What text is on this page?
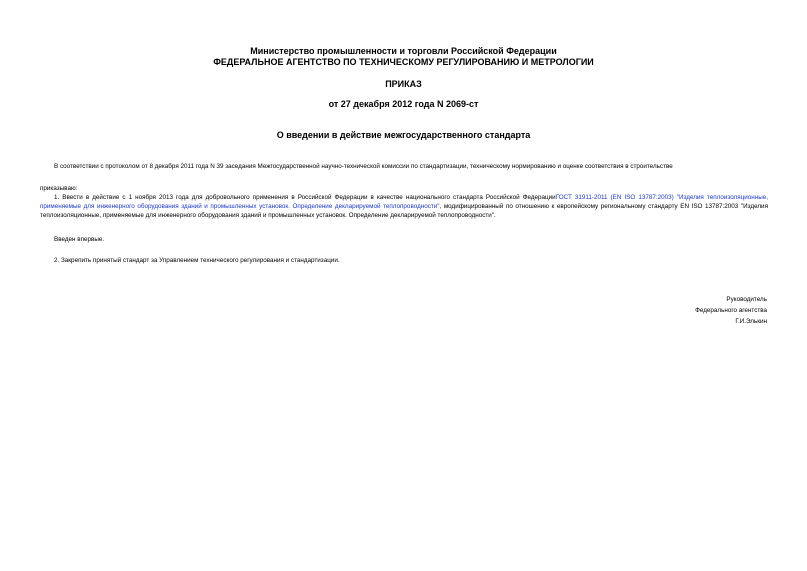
Министерство промышленности и торговли Российской Федерации
ФЕДЕРАЛЬНОЕ АГЕНТСТВО ПО ТЕХНИЧЕСКОМУ РЕГУЛИРОВАНИЮ И МЕТРОЛОГИИ
ПРИКАЗ
от 27 декабря 2012 года N 2069-ст
О введении в действие межгосударственного стандарта
В соответствии с протоколом от 8 декабря 2011 года N 39 заседания Межгосударственной научно-технической комиссии по стандартизации, техническому нормированию и оценке соответствия в строительстве
приказываю:
1. Ввести в действие с 1 ноября 2013 года для добровольного применения в Российской Федерации в качестве национального стандарта Российской ФедерацииГОСТ 31911-2011 (EN ISO 13787:2003) "Изделия теплоизоляционные, применяемые для инженерного оборудования зданий и промышленных установок. Определение декларируемой теплопроводности", модифицированный по отношению к европейскому региональному стандарту EN ISO 13787:2003 "Изделия теплоизоляционные, применяемые для инженерного оборудования зданий и промышленных установок. Определение декларируемой теплопроводности".
Введен впервые.
2. Закрепить принятый стандарт за Управлением технического регулирования и стандартизации.
Руководитель
Федерального агентства
Г.И.Элькин
